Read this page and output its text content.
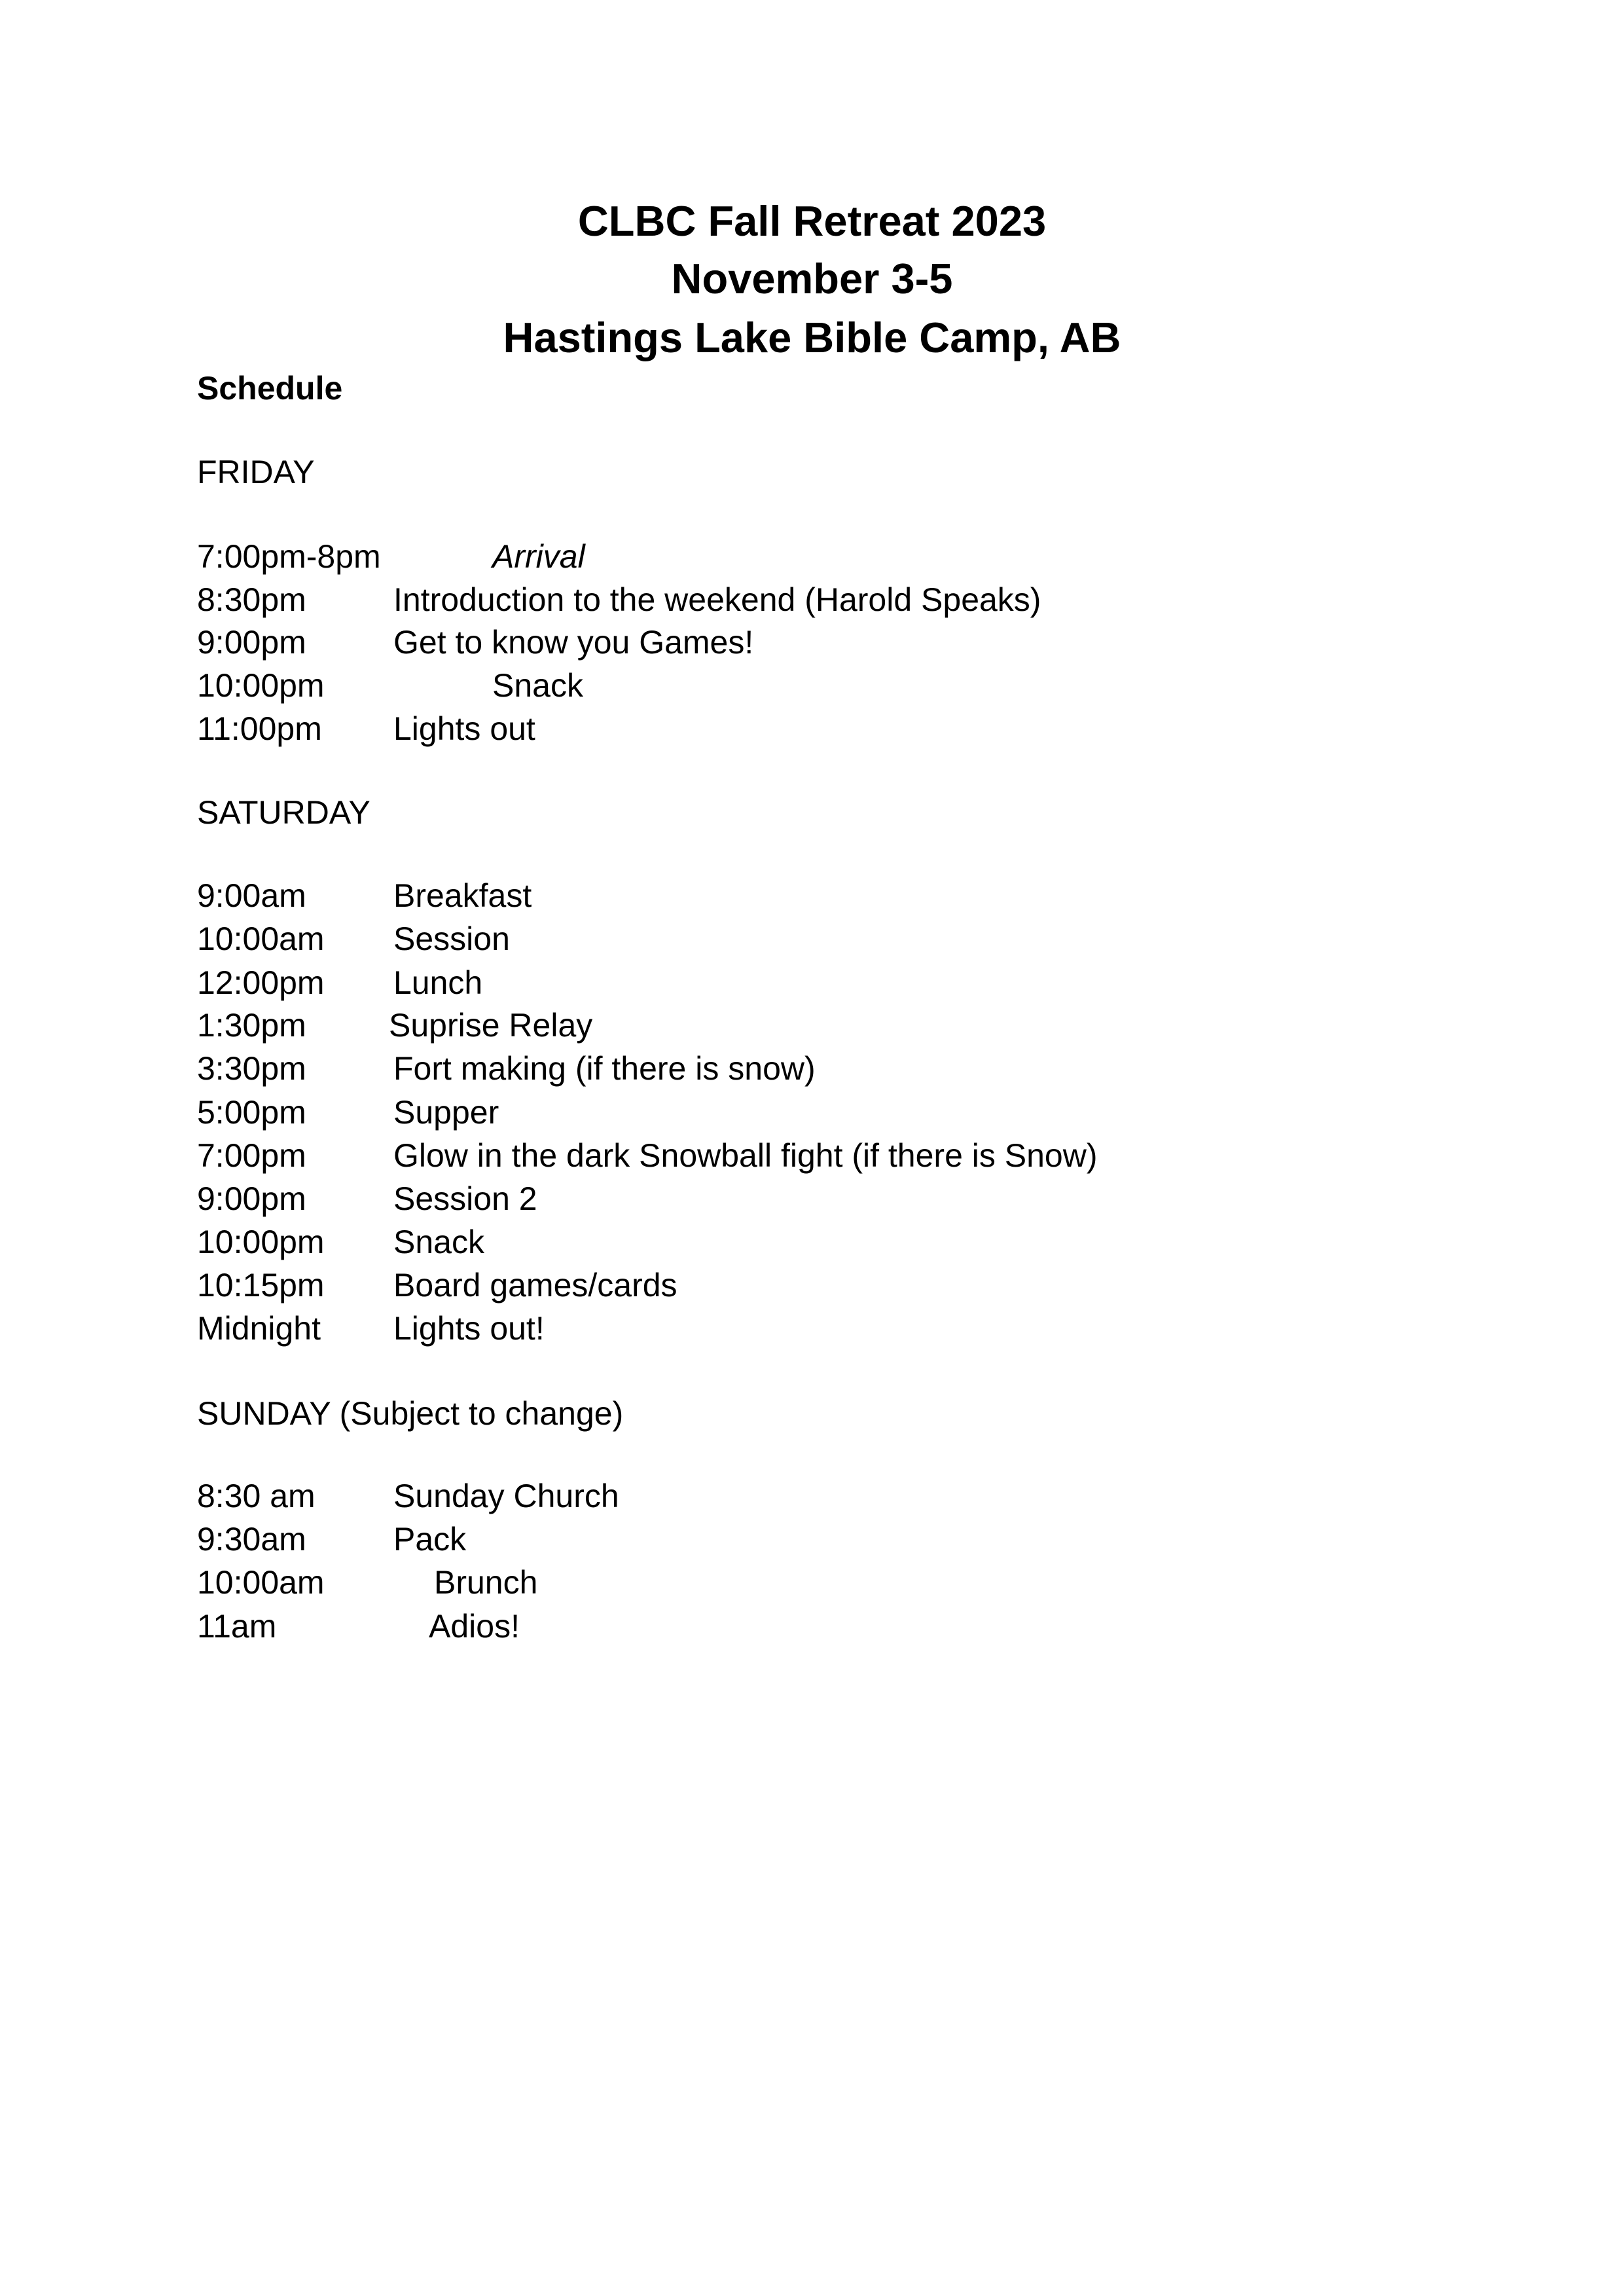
CLBC Fall Retreat 2023
November 3-5
Hastings Lake Bible Camp, AB
Schedule
FRIDAY
7:00pm-8pm	Arrival
8:30pm	Introduction to the weekend (Harold Speaks)
9:00pm	Get to know you Games!
10:00pm	Snack
11:00pm Lights out
SATURDAY
9:00am	Breakfast
10:00am Session
12:00pm Lunch
1:30pm	Suprise Relay
3:30pm	Fort making (if there is snow)
5:00pm	Supper
7:00pm	Glow in the dark Snowball fight (if there is Snow)
9:00pm	Session 2
10:00pm Snack
10:15pm Board games/cards
Midnight Lights out!
SUNDAY (Subject to change)
8:30 am Sunday Church
9:30am	Pack
10:00am	Brunch
11am	Adios!
